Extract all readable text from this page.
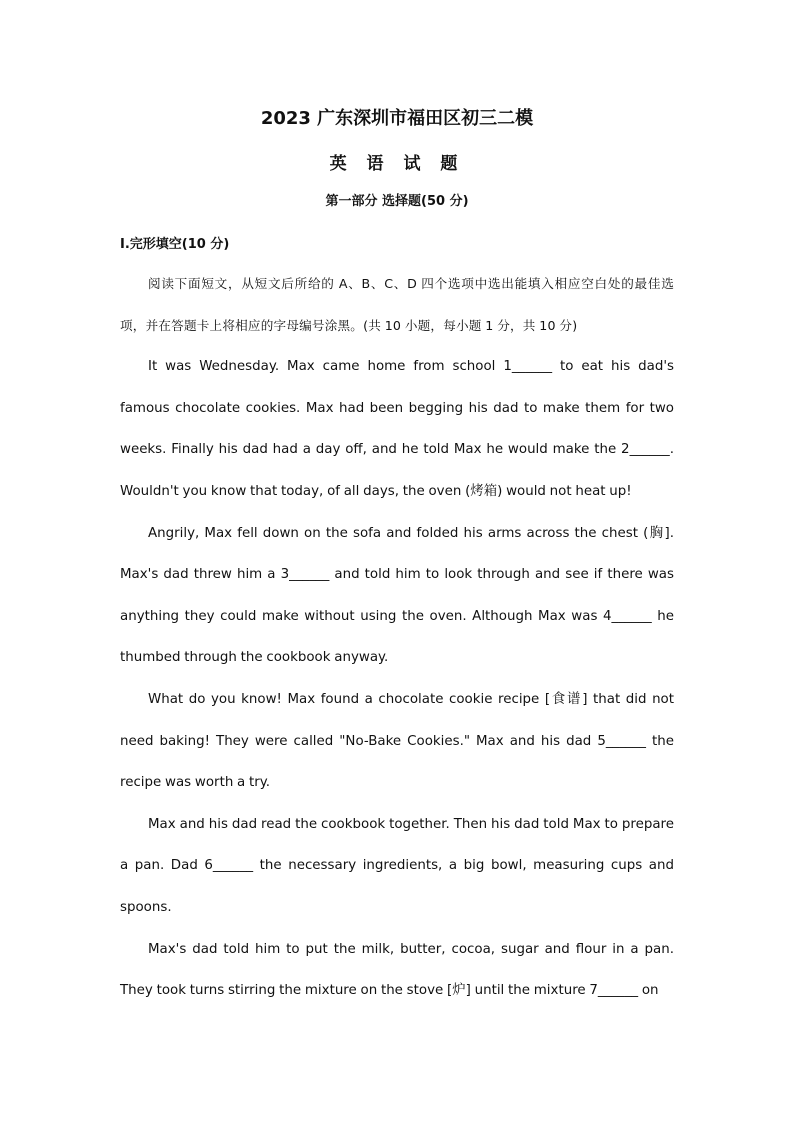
2023 广东深圳市福田区初三二模
英 语 试 题
第一部分 选择题(50 分)

I.完形填空(10 分)

阅读下面短文，从短文后所给的 A、B、C、D 四个选项中选出能填入相应空白处的最佳选项，并在答题卡上将相应的字母编号涂黑。(共 10 小题，每小题 1 分，共 10 分)

It was Wednesday. Max came home from school 1______ to eat his dad's famous chocolate cookies. Max had been begging his dad to make them for two weeks. Finally his dad had a day off, and he told Max he would make the 2______. Wouldn't you know that today, of all days, the oven (烤箱) would not heat up!

Angrily, Max fell down on the sofa and folded his arms across the chest (胸]. Max's dad threw him a 3______ and told him to look through and see if there was anything they could make without using the oven. Although Max was 4______ he thumbed through the cookbook anyway.

What do you know! Max found a chocolate cookie recipe [食谱] that did not need baking! They were called "No-Bake Cookies." Max and his dad 5______ the recipe was worth a try.

Max and his dad read the cookbook together. Then his dad told Max to prepare a pan. Dad 6______ the necessary ingredients, a big bowl, measuring cups and spoons.

Max's dad told him to put the milk, butter, cocoa, sugar and flour in a pan. They took turns stirring the mixture on the stove [炉] until the mixture 7______ on
